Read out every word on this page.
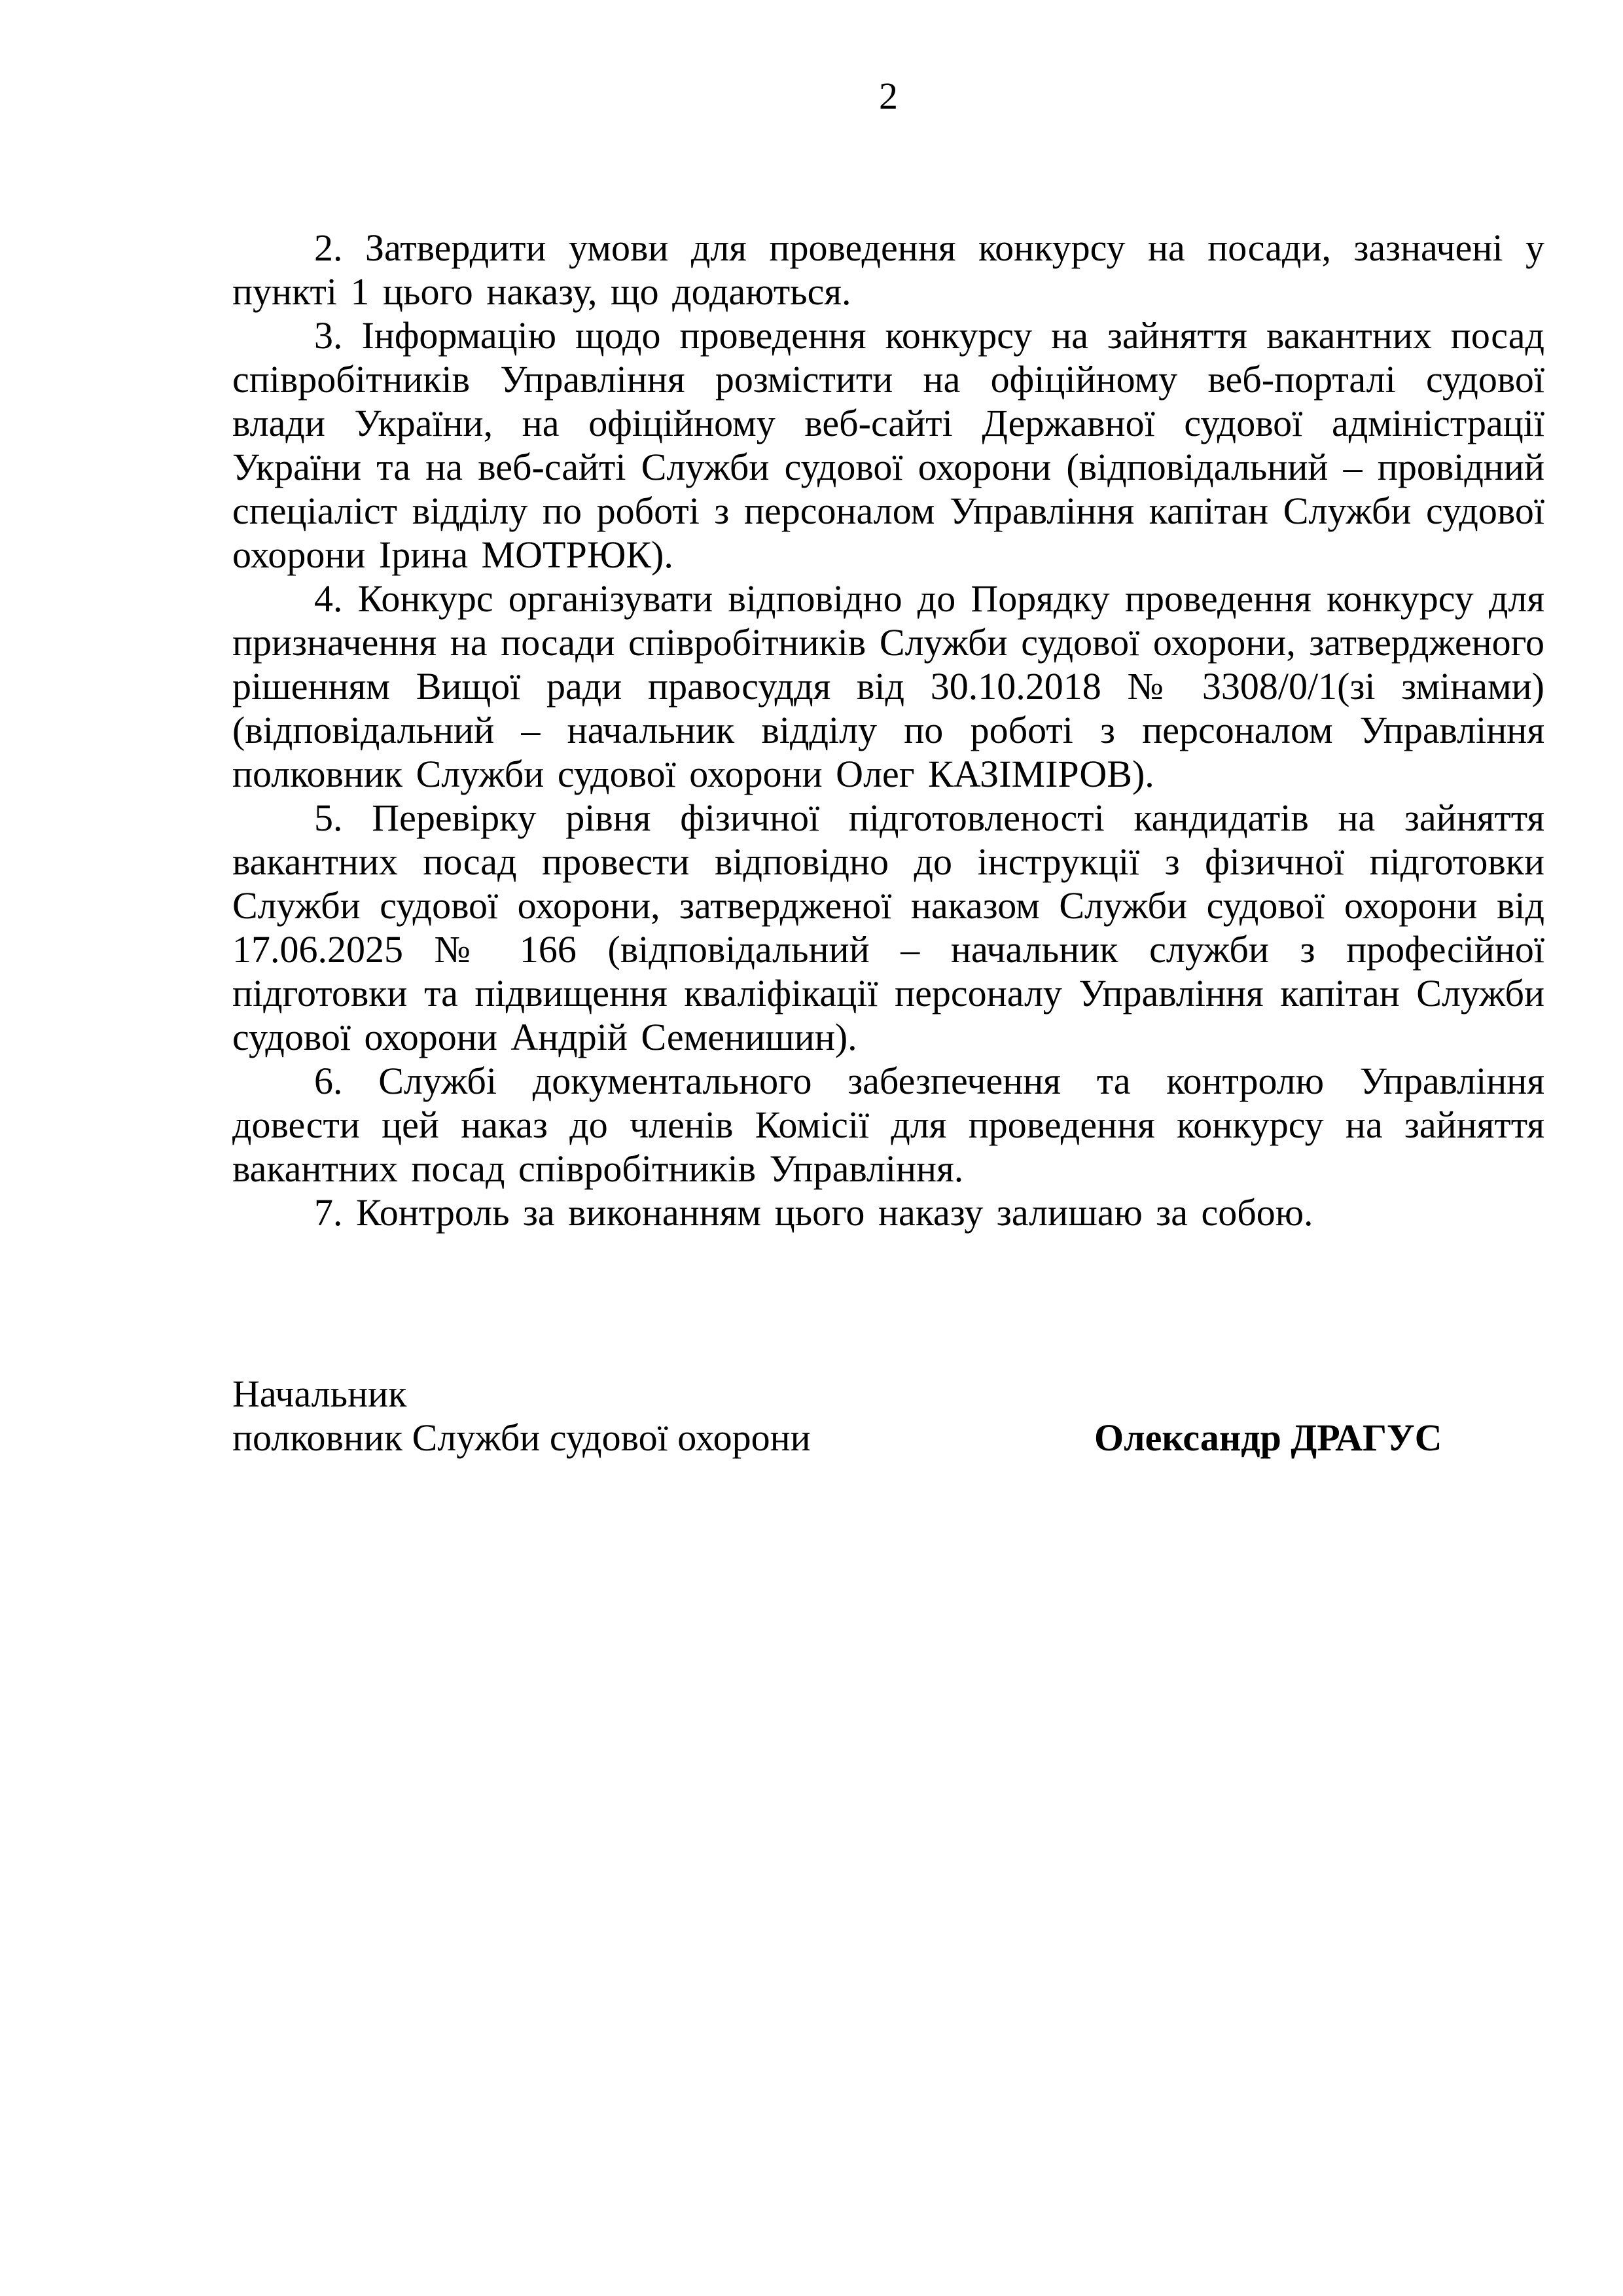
2

2. Затвердити умови для проведення конкурсу на посади, зазначені у пункті 1 цього наказу, що додаються.

3. Інформацію щодо проведення конкурсу на зайняття вакантних посад співробітників Управління розмістити на офіційному веб-порталі судової влади України, на офіційному веб-сайті Державної судової адміністрації України та на веб-сайті Служби судової охорони (відповідальний – провідний спеціаліст відділу по роботі з персоналом Управління капітан Служби судової охорони Ірина МОТРЮК).

4. Конкурс організувати відповідно до Порядку проведення конкурсу для призначення на посади співробітників Служби судової охорони, затвердженого рішенням Вищої ради правосуддя від 30.10.2018 № 3308/0/1(зі змінами) (відповідальний – начальник відділу по роботі з персоналом Управління полковник Служби судової охорони Олег КАЗІМІРОВ).

5. Перевірку рівня фізичної підготовленості кандидатів на зайняття вакантних посад провести відповідно до інструкції з фізичної підготовки Служби судової охорони, затвердженої наказом Служби судової охорони від 17.06.2025 № 166 (відповідальний – начальник служби з професійної підготовки та підвищення кваліфікації персоналу Управління капітан Служби судової охорони Андрій Семенишин).

6. Службі документального забезпечення та контролю Управління довести цей наказ до членів Комісії для проведення конкурсу на зайняття вакантних посад співробітників Управління.

7. Контроль за виконанням цього наказу залишаю за собою.

Начальник
полковник Служби судової охорони	Олександр ДРАГУС
